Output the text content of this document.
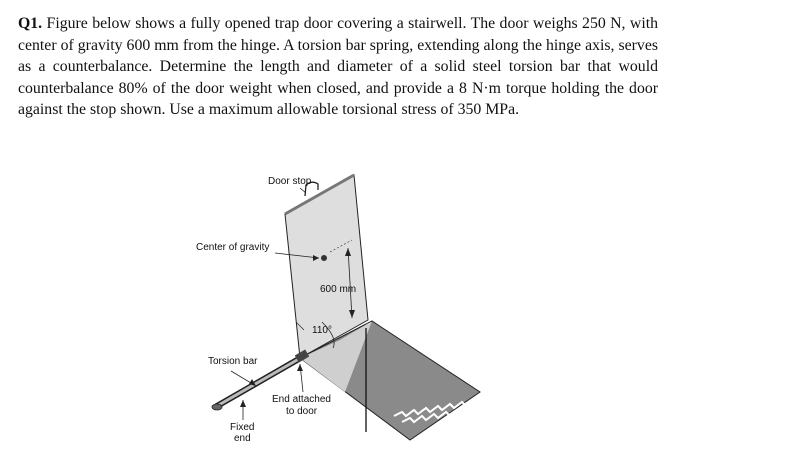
Q1. Figure below shows a fully opened trap door covering a stairwell. The door weighs 250 N, with center of gravity 600 mm from the hinge. A torsion bar spring, extending along the hinge axis, serves as a counterbalance. Determine the length and diameter of a solid steel torsion bar that would counterbalance 80% of the door weight when closed, and provide a 8 N·m torque holding the door against the stop shown. Use a maximum allowable torsional stress of 350 MPa.
Door stop
Center of gravity
600 mm
110°
Torsion bar
End attached
to door
Fixed
end
